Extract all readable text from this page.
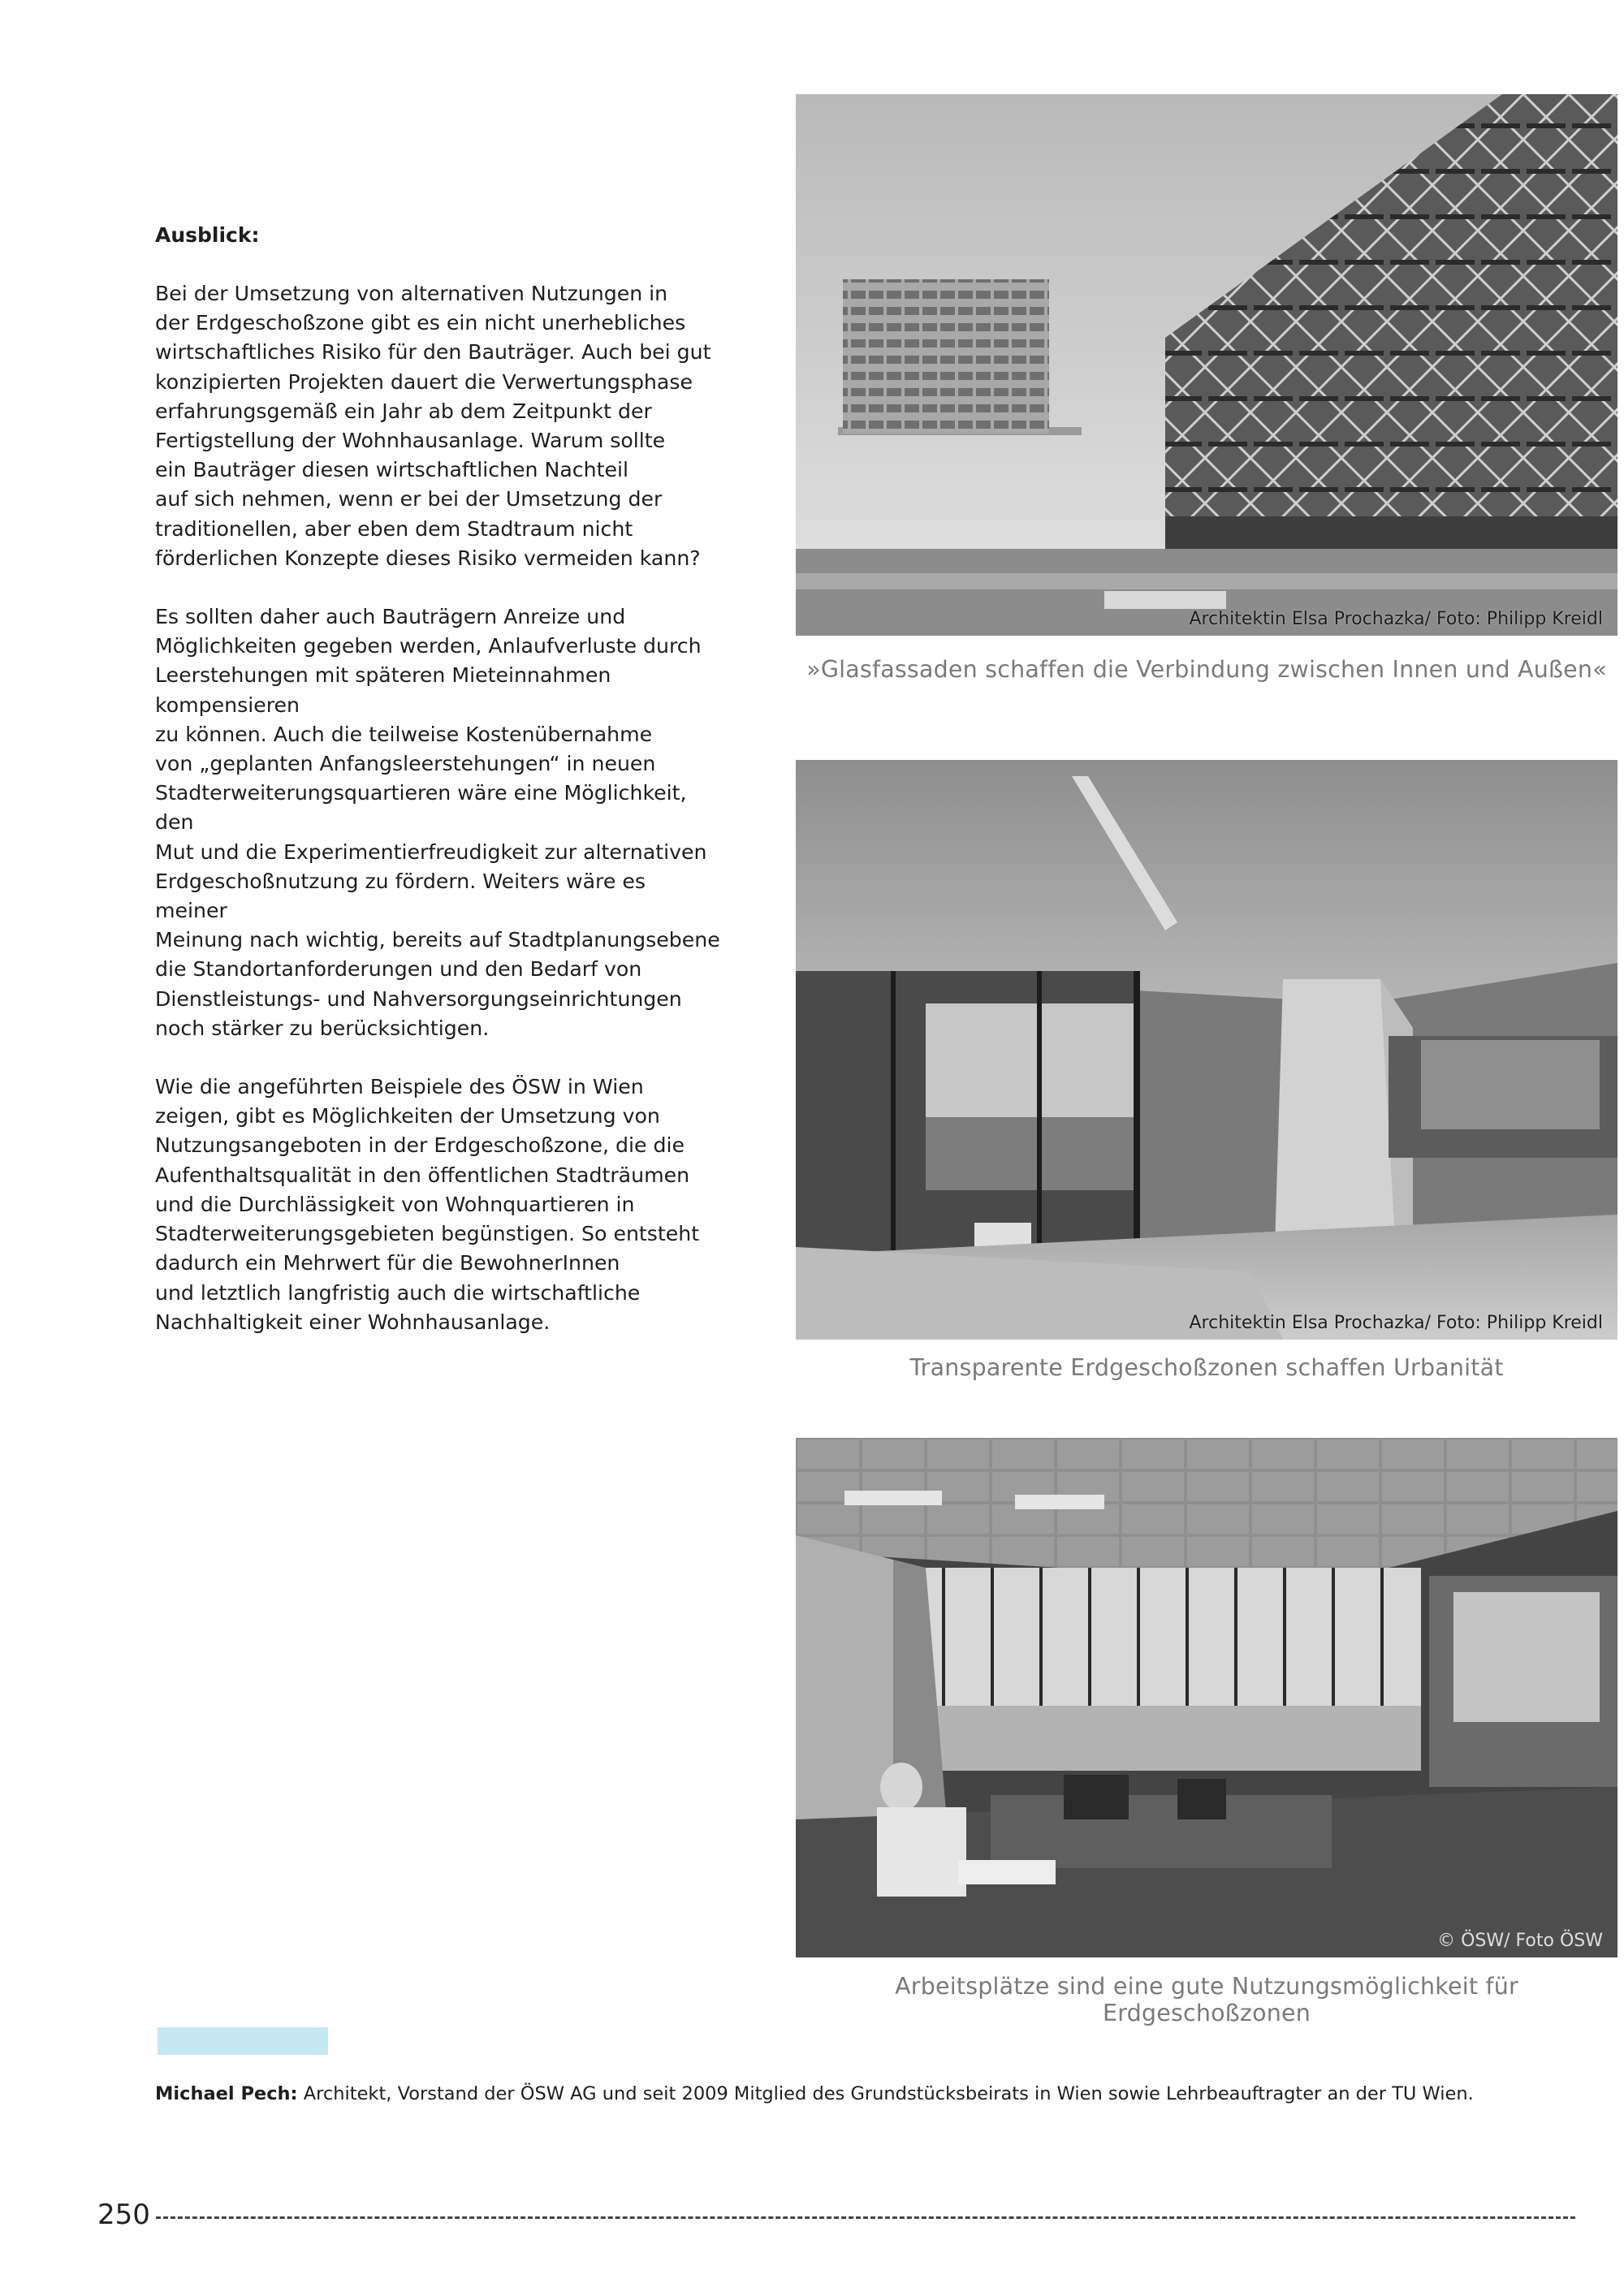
Ausblick:
Bei der Umsetzung von alternativen Nutzungen in
der Erdgeschoßzone gibt es ein nicht unerhebliches
wirtschaftliches Risiko für den Bauträger. Auch bei gut
konzipierten Projekten dauert die Verwertungsphase
erfahrungsgemäß ein Jahr ab dem Zeitpunkt der
Fertigstellung der Wohnhausanlage. Warum sollte
ein Bauträger diesen wirtschaftlichen Nachteil
auf sich nehmen, wenn er bei der Umsetzung der
traditionellen, aber eben dem Stadtraum nicht
förderlichen Konzepte dieses Risiko vermeiden kann?
Es sollten daher auch Bauträgern Anreize und
Möglichkeiten gegeben werden, Anlaufverluste durch
Leerstehungen mit späteren Mieteinnahmen kompensieren
zu können. Auch die teilweise Kostenübernahme
von „geplanten Anfangsleerstehungen“ in neuen
Stadterweiterungsquartieren wäre eine Möglichkeit, den
Mut und die Experimentierfreudigkeit zur alternativen
Erdgeschoßnutzung zu fördern. Weiters wäre es meiner
Meinung nach wichtig, bereits auf Stadtplanungsebene
die Standortanforderungen und den Bedarf von
Dienstleistungs- und Nahversorgungseinrichtungen
noch stärker zu berücksichtigen.
Wie die angeführten Beispiele des ÖSW in Wien
zeigen, gibt es Möglichkeiten der Umsetzung von
Nutzungsangeboten in der Erdgeschoßzone, die die
Aufenthaltsqualität in den öffentlichen Stadträumen
und die Durchlässigkeit von Wohnquartieren in
Stadterweiterungsgebieten begünstigen. So entsteht
dadurch ein Mehrwert für die BewohnerInnen
und letztlich langfristig auch die wirtschaftliche
Nachhaltigkeit einer Wohnhausanlage.
Architektin Elsa Prochazka/ Foto: Philipp Kreidl
»Glasfassaden schaffen die Verbindung zwischen Innen und Außen«
Architektin Elsa Prochazka/ Foto: Philipp Kreidl
Transparente Erdgeschoßzonen schaffen Urbanität
© ÖSW/ Foto ÖSW
Arbeitsplätze sind eine gute Nutzungsmöglichkeit für Erdgeschoßzonen
Michael Pech: Architekt, Vorstand der ÖSW AG und seit 2009 Mitglied des Grundstücksbeirats in Wien sowie Lehrbeauftragter an der TU Wien.
250
